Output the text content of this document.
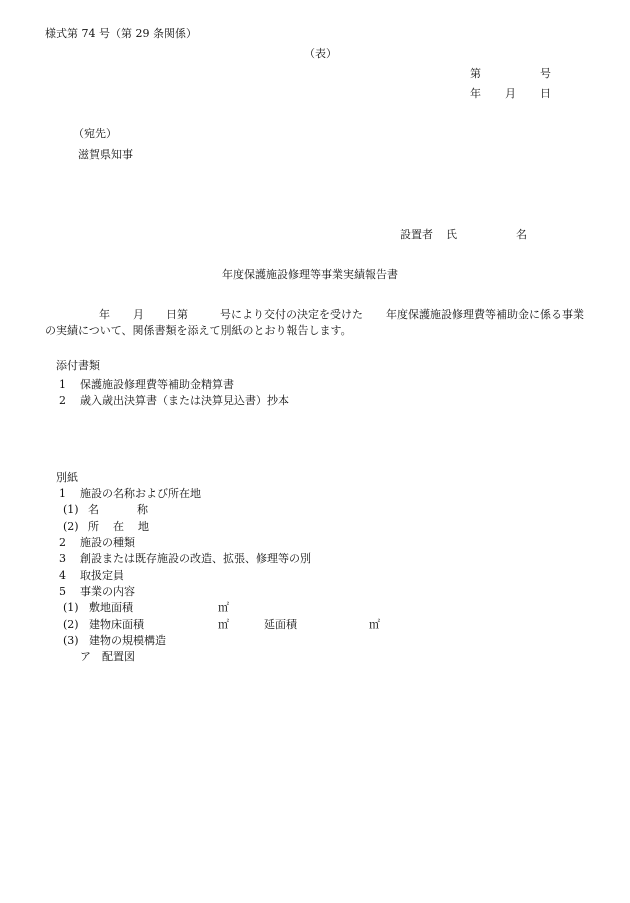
様式第 74 号（第 29 条関係）
（表）
第	号
年 月 日
（宛先）
滋賀県知事
設置者 氏	名
年度保護施設修理等事業実績報告書
年 月 日第	号により交付の決定を受けた 年度保護施設修理費等補助金に係る事業
の実績について、関係書類を添えて別紙のとおり報告します。
添付書類
1 保護施設修理費等補助金精算書
2 歳入歳出決算書（または決算見込書）抄本
別紙
1 施設の名称および所在地
(1) 名	称
(2) 所 在 地
2 施設の種類
3 創設または既存施設の改造、拡張、修理等の別
4 取扱定員
5 事業の内容
(1) 敷地面積	㎡
(2) 建物床面積	㎡	延面積	㎡
(3) 建物の規模構造
ア　配置図
